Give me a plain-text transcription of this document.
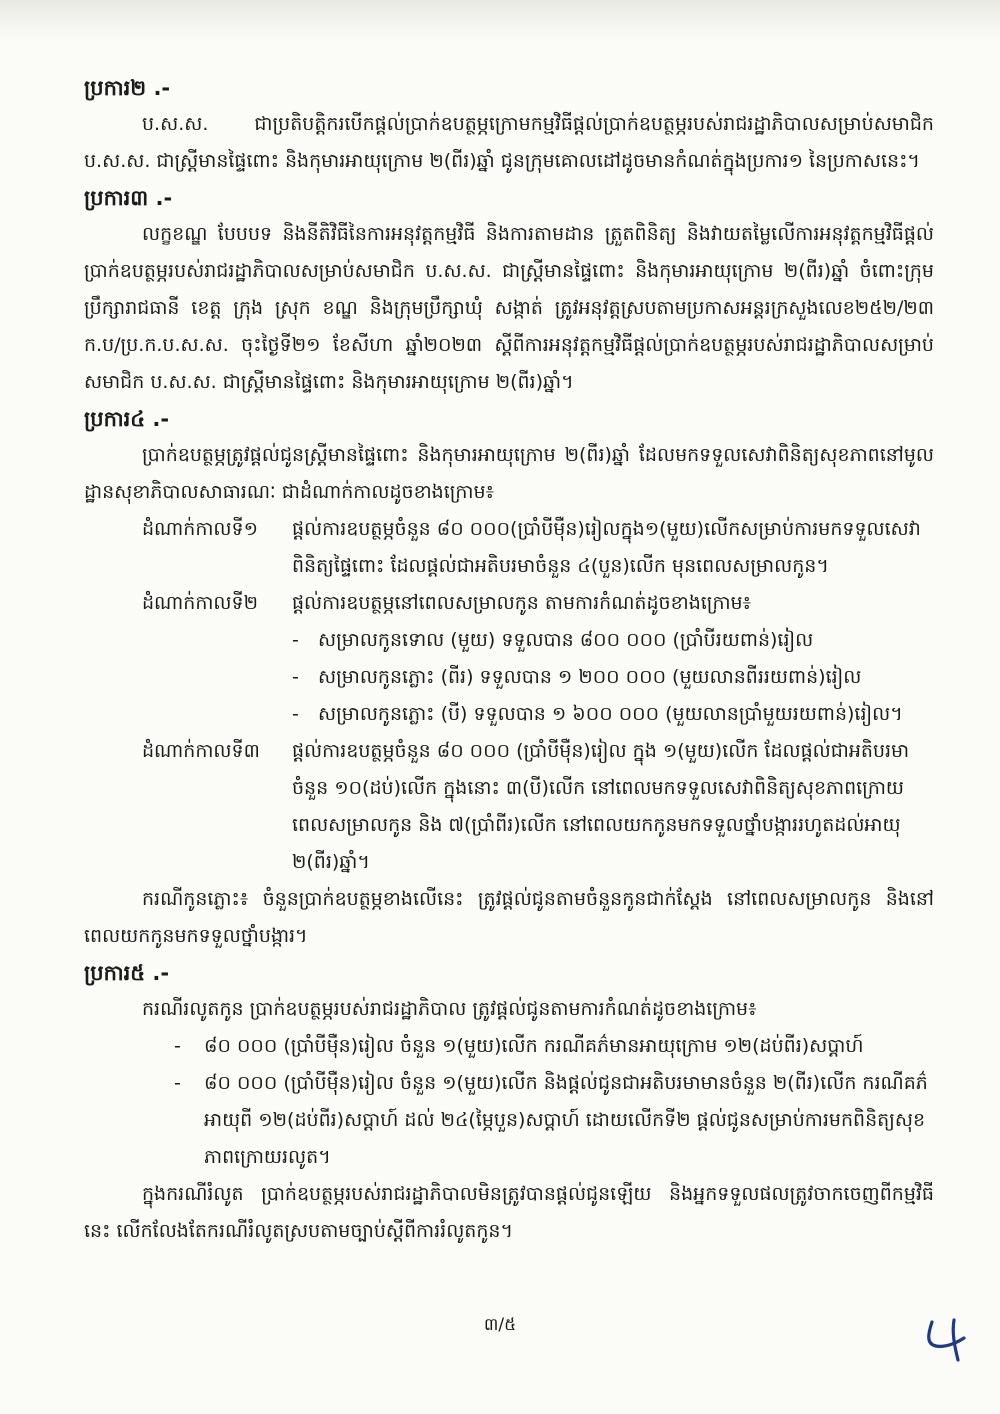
ប្រការ២ .-

ប.ស.ស. ជាប្រតិបត្តិករបើកផ្តល់ប្រាក់ឧបត្ថម្ភក្រោមកម្មវិធីផ្តល់ប្រាក់ឧបត្ថម្ភរបស់រាជរដ្ឋាភិបាលសម្រាប់សមាជិក ប.ស.ស. ជាស្ត្រីមានផ្ទៃពោះ និងកុមារអាយុក្រោម ២(ពីរ)ឆ្នាំ ជូនក្រុមគោលដៅដូចមានកំណត់ក្នុងប្រការ១ នៃប្រកាសនេះ។

ប្រការ៣ .-

លក្ខខណ្ឌ បែបបទ និងនីតិវិធីនៃការអនុវត្តកម្មវិធី និងការតាមដាន ត្រួតពិនិត្យ និងវាយតម្លៃលើការអនុវត្តកម្មវិធីផ្តល់ប្រាក់ឧបត្ថម្ភរបស់រាជរដ្ឋាភិបាលសម្រាប់សមាជិក ប.ស.ស. ជាស្ត្រីមានផ្ទៃពោះ និងកុមារអាយុក្រោម ២(ពីរ)ឆ្នាំ ចំពោះក្រុមប្រឹក្សារាជធានី ខេត្ត ក្រុង ស្រុក ខណ្ឌ និងក្រុមប្រឹក្សាឃុំ សង្កាត់ ត្រូវអនុវត្តស្របតាមប្រកាសអន្តរក្រសួងលេខ២៥២/២៣ ក.ប/ប្រ.ក.ប.ស.ស. ចុះថ្ងៃទី២១ ខែសីហា ឆ្នាំ២០២៣ ស្តីពីការអនុវត្តកម្មវិធីផ្តល់ប្រាក់ឧបត្ថម្ភរបស់រាជរដ្ឋាភិបាលសម្រាប់សមាជិក ប.ស.ស. ជាស្ត្រីមានផ្ទៃពោះ និងកុមារអាយុក្រោម ២(ពីរ)ឆ្នាំ។

ប្រការ៤ .-

ប្រាក់ឧបត្ថម្ភត្រូវផ្តល់ជូនស្ត្រីមានផ្ទៃពោះ និងកុមារអាយុក្រោម ២(ពីរ)ឆ្នាំ ដែលមកទទួលសេវាពិនិត្យសុខភាពនៅមូលដ្ឋានសុខាភិបាលសាធារណៈ ជាដំណាក់កាលដូចខាងក្រោម៖

ដំណាក់កាលទី១	ផ្តល់ការឧបត្ថម្ភចំនួន ៨០ ០០០(ប្រាំបីម៉ឺន)រៀលក្នុង១(មួយ)លើកសម្រាប់ការមកទទួលសេវាពិនិត្យផ្ទៃពោះ ដែលផ្តល់ជាអតិបរមាចំនួន ៤(បួន)លើក មុនពេលសម្រាលកូន។
ដំណាក់កាលទី២	ផ្តល់ការឧបត្ថម្ភនៅពេលសម្រាលកូន តាមការកំណត់ដូចខាងក្រោម៖
-	សម្រាលកូនទោល (មួយ) ទទួលបាន ៨០០ ០០០ (ប្រាំបីរយពាន់)រៀល
-	សម្រាលកូនភ្លោះ (ពីរ) ទទួលបាន ១ ២០០ ០០០ (មួយលានពីររយពាន់)រៀល
-	សម្រាលកូនភ្លោះ (បី) ទទួលបាន ១ ៦០០ ០០០ (មួយលានប្រាំមួយរយពាន់)រៀល។
ដំណាក់កាលទី៣	ផ្តល់ការឧបត្ថម្ភចំនួន ៨០ ០០០ (ប្រាំបីម៉ឺន)រៀល ក្នុង ១(មួយ)លើក ដែលផ្តល់ជាអតិបរមាចំនួន ១០(ដប់)លើក ក្នុងនោះ ៣(បី)លើក នៅពេលមកទទួលសេវាពិនិត្យសុខភាពក្រោយពេលសម្រាលកូន និង ៧(ប្រាំពីរ)លើក នៅពេលយកកូនមកទទួលថ្នាំបង្ការរហូតដល់អាយុ ២(ពីរ)ឆ្នាំ។

ករណីកូនភ្លោះ៖ ចំនួនប្រាក់ឧបត្ថម្ភខាងលើនេះ ត្រូវផ្តល់ជូនតាមចំនួនកូនជាក់ស្តែង នៅពេលសម្រាលកូន និងនៅពេលយកកូនមកទទួលថ្នាំបង្ការ។

ប្រការ៥ .-

ករណីរលូតកូន ប្រាក់ឧបត្ថម្ភរបស់រាជរដ្ឋាភិបាល ត្រូវផ្តល់ជូនតាមការកំណត់ដូចខាងក្រោម៖

-	៨០ ០០០ (ប្រាំបីម៉ឺន)រៀល ចំនួន ១(មួយ)លើក ករណីគភ៌មានអាយុក្រោម ១២(ដប់ពីរ)សប្តាហ៍
-	៨០ ០០០ (ប្រាំបីម៉ឺន)រៀល ចំនួន ១(មួយ)លើក និងផ្តល់ជូនជាអតិបរមាមានចំនួន ២(ពីរ)លើក ករណីគភ៌អាយុពី ១២(ដប់ពីរ)សប្តាហ៍ ដល់ ២៤(ម្ភៃបួន)សប្តាហ៍ ដោយលើកទី២ ផ្តល់ជូនសម្រាប់ការមកពិនិត្យសុខភាពក្រោយរលូត។

ក្នុងករណីរំលូត ប្រាក់ឧបត្ថម្ភរបស់រាជរដ្ឋាភិបាលមិនត្រូវបានផ្តល់ជូនឡើយ និងអ្នកទទួលផលត្រូវចាកចេញពីកម្មវិធីនេះ លើកលែងតែករណីរំលូតស្របតាមច្បាប់ស្តីពីការរំលូតកូន។

៣/៥
